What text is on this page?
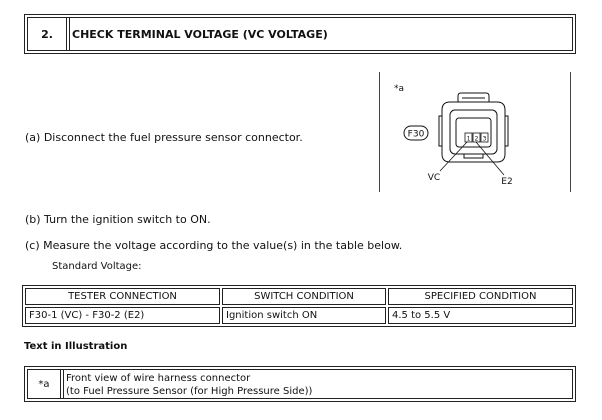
2.	CHECK TERMINAL VOLTAGE (VC VOLTAGE)
(a) Disconnect the fuel pressure sensor connector.
*a
F30	1 2 3
VC	E2
(b) Turn the ignition switch to ON.
(c) Measure the voltage according to the value(s) in the table below.
Standard Voltage:
TESTER CONNECTION	SWITCH CONDITION	SPECIFIED CONDITION
F30-1 (VC) - F30-2 (E2)	Ignition switch ON	4.5 to 5.5 V
Text in Illustration
*a	Front view of wire harness connector
(to Fuel Pressure Sensor (for High Pressure Side))
